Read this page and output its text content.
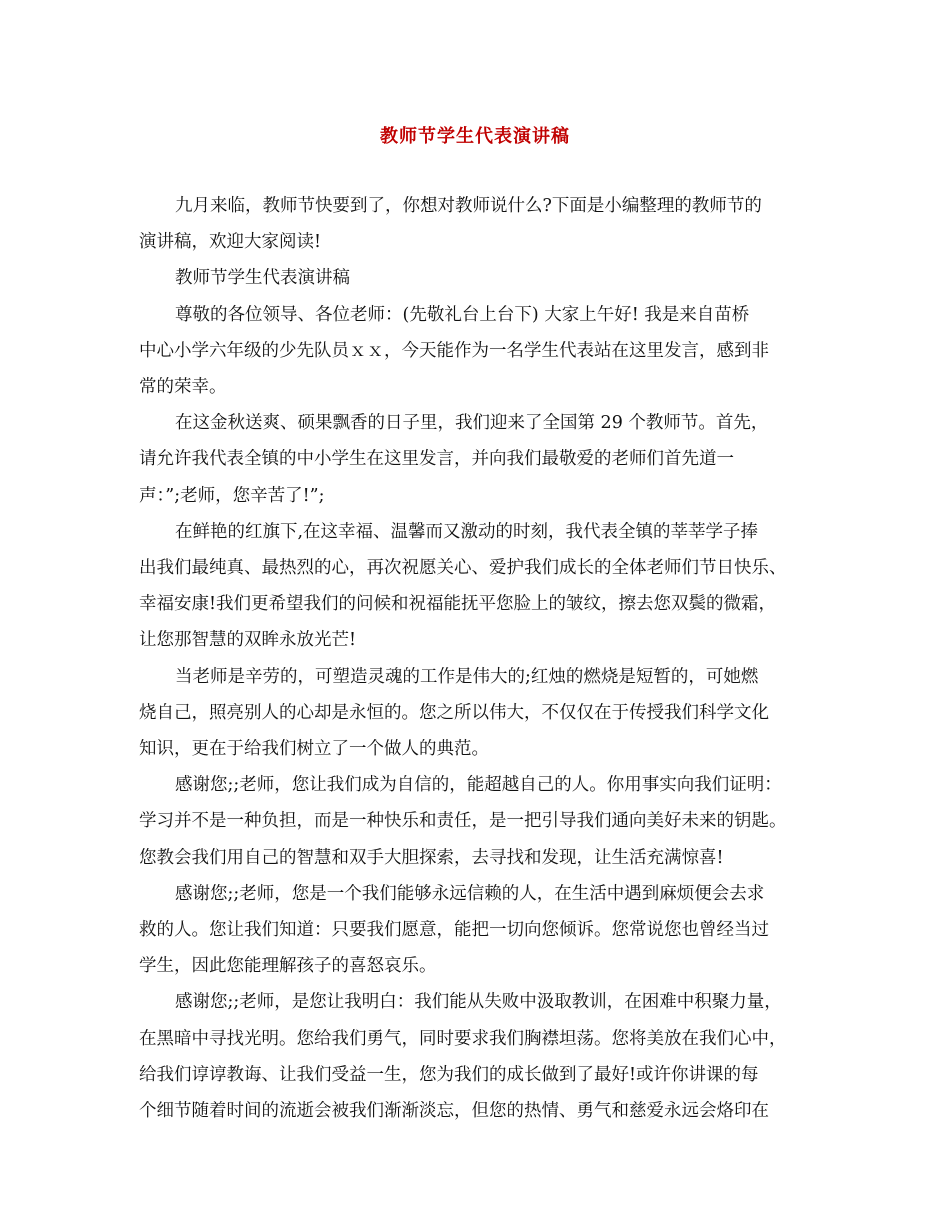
教师节学生代表演讲稿

九月来临，教师节快要到了，你想对教师说什么?下面是小编整理的教师节的
演讲稿，欢迎大家阅读!

教师节学生代表演讲稿

尊敬的各位领导、各位老师：(先敬礼台上台下) 大家上午好! 我是来自苗桥
中心小学六年级的少先队员ｘｘ，今天能作为一名学生代表站在这里发言，感到非
常的荣幸。

在这金秋送爽、硕果飘香的日子里，我们迎来了全国第 29 个教师节。首先，
请允许我代表全镇的中小学生在这里发言，并向我们最敬爱的老师们首先道一
声：”;老师，您辛苦了!”;

在鲜艳的红旗下,在这幸福、温馨而又激动的时刻，我代表全镇的莘莘学子捧
出我们最纯真、最热烈的心，再次祝愿关心、爱护我们成长的全体老师们节日快乐、
幸福安康!我们更希望我们的问候和祝福能抚平您脸上的皱纹，擦去您双鬓的微霜，
让您那智慧的双眸永放光芒!

当老师是辛劳的，可塑造灵魂的工作是伟大的;红烛的燃烧是短暂的，可她燃
烧自己，照亮别人的心却是永恒的。您之所以伟大，不仅仅在于传授我们科学文化
知识，更在于给我们树立了一个做人的典范。

感谢您;;老师，您让我们成为自信的，能超越自己的人。你用事实向我们证明：
学习并不是一种负担，而是一种快乐和责任，是一把引导我们通向美好未来的钥匙。
您教会我们用自己的智慧和双手大胆探索，去寻找和发现，让生活充满惊喜!

感谢您;;老师，您是一个我们能够永远信赖的人，在生活中遇到麻烦便会去求
救的人。您让我们知道：只要我们愿意，能把一切向您倾诉。您常说您也曾经当过
学生，因此您能理解孩子的喜怒哀乐。

感谢您;;老师，是您让我明白：我们能从失败中汲取教训，在困难中积聚力量，
在黑暗中寻找光明。您给我们勇气，同时要求我们胸襟坦荡。您将美放在我们心中，
给我们谆谆教诲、让我们受益一生，您为我们的成长做到了最好!或许你讲课的每
个细节随着时间的流逝会被我们渐渐淡忘，但您的热情、勇气和慈爱永远会烙印在
